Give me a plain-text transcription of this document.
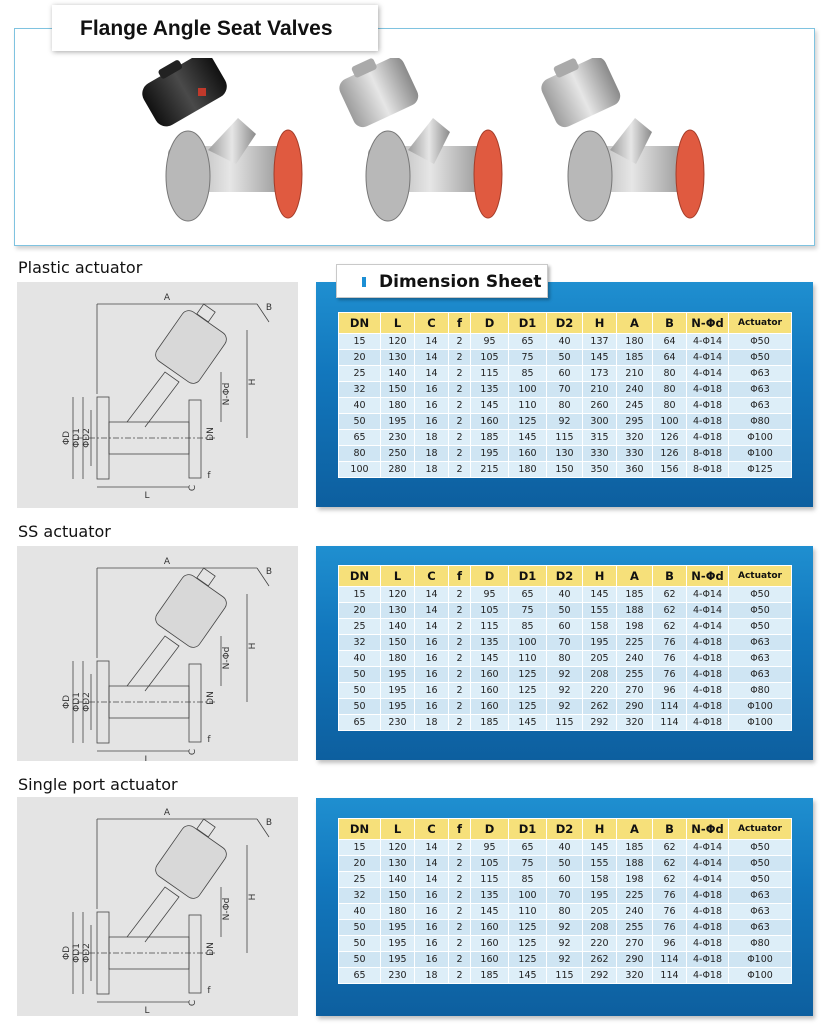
Flange Angle Seat Valves
Plastic actuator
SS actuator
Single port actuator
A
B
H
N-Φd
DN
ΦD ΦD1 ΦD2
L
C
f
A
B
H
N-Φd
DN
ΦD ΦD1 ΦD2
L
C
f
A
B
H
N-Φd
DN
ΦD ΦD1 ΦD2
L
C
f
Dimension Sheet
DN	L	C	f	D	D1	D2	H	A	B	N-Φd	Actuator
15	120	14	2	95	65	40	137	180	64	4-Φ14	Φ50
20	130	14	2	105	75	50	145	185	64	4-Φ14	Φ50
25	140	14	2	115	85	60	173	210	80	4-Φ14	Φ63
32	150	16	2	135	100	70	210	240	80	4-Φ18	Φ63
40	180	16	2	145	110	80	260	245	80	4-Φ18	Φ63
50	195	16	2	160	125	92	300	295	100	4-Φ18	Φ80
65	230	18	2	185	145	115	315	320	126	4-Φ18	Φ100
80	250	18	2	195	160	130	330	330	126	8-Φ18	Φ100
100	280	18	2	215	180	150	350	360	156	8-Φ18	Φ125
DN	L	C	f	D	D1	D2	H	A	B	N-Φd	Actuator
15	120	14	2	95	65	40	145	185	62	4-Φ14	Φ50
20	130	14	2	105	75	50	155	188	62	4-Φ14	Φ50
25	140	14	2	115	85	60	158	198	62	4-Φ14	Φ50
32	150	16	2	135	100	70	195	225	76	4-Φ18	Φ63
40	180	16	2	145	110	80	205	240	76	4-Φ18	Φ63
50	195	16	2	160	125	92	208	255	76	4-Φ18	Φ63
50	195	16	2	160	125	92	220	270	96	4-Φ18	Φ80
50	195	16	2	160	125	92	262	290	114	4-Φ18	Φ100
65	230	18	2	185	145	115	292	320	114	4-Φ18	Φ100
DN	L	C	f	D	D1	D2	H	A	B	N-Φd	Actuator
15	120	14	2	95	65	40	145	185	62	4-Φ14	Φ50
20	130	14	2	105	75	50	155	188	62	4-Φ14	Φ50
25	140	14	2	115	85	60	158	198	62	4-Φ14	Φ50
32	150	16	2	135	100	70	195	225	76	4-Φ18	Φ63
40	180	16	2	145	110	80	205	240	76	4-Φ18	Φ63
50	195	16	2	160	125	92	208	255	76	4-Φ18	Φ63
50	195	16	2	160	125	92	220	270	96	4-Φ18	Φ80
50	195	16	2	160	125	92	262	290	114	4-Φ18	Φ100
65	230	18	2	185	145	115	292	320	114	4-Φ18	Φ100
